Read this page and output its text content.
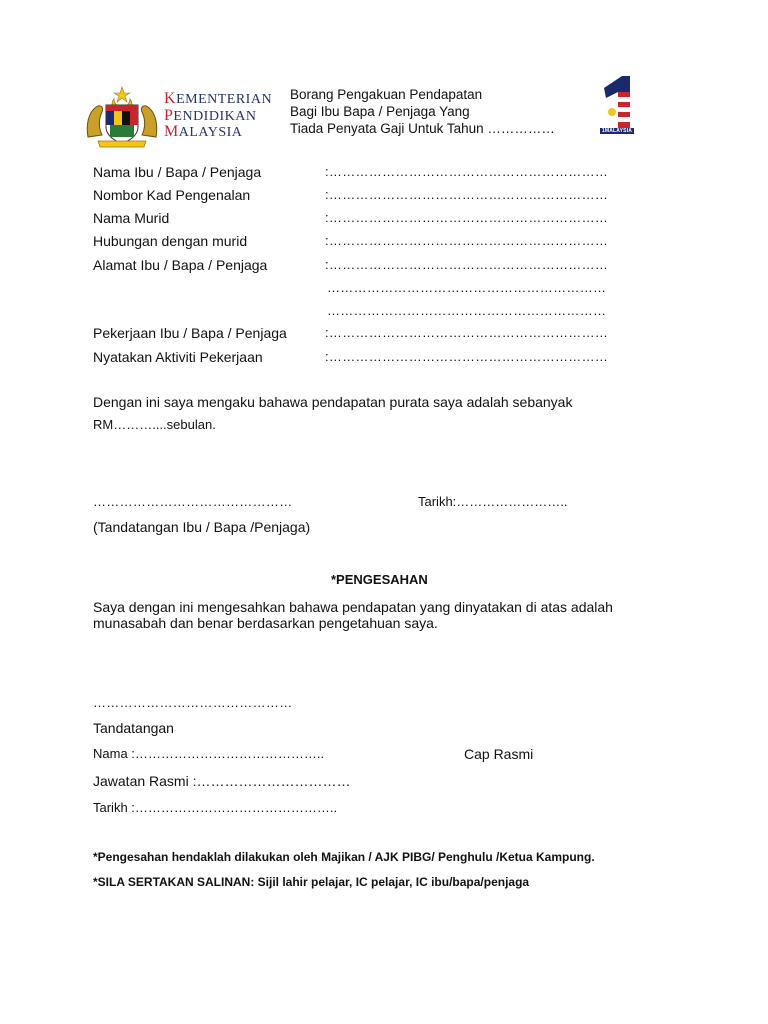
KEMENTERIAN
PENDIDIKAN
MALAYSIA
Borang Pengakuan Pendapatan
Bagi Ibu Bapa / Penjaga Yang
Tiada Penyata Gaji Untuk Tahun ……………	1MALAYSIA
Nama Ibu / Bapa / Penjaga	:………………………………………………………
Nombor Kad Pengenalan	:………………………………………………………
Nama Murid	:………………………………………………………
Hubungan dengan murid	:………………………………………………………
Alamat Ibu / Bapa / Penjaga	:………………………………………………………
………………………………………………………
………………………………………………………
Pekerjaan Ibu / Bapa / Penjaga	:………………………………………………………
Nyatakan Aktiviti Pekerjaan	:………………………………………………………
Dengan ini saya mengaku bahawa pendapatan purata saya adalah sebanyak
RM………....sebulan.
………………………………………	Tarikh:……………………..
(Tandatangan Ibu / Bapa /Penjaga)
*PENGESAHAN
Saya dengan ini mengesahkan bahawa pendapatan yang dinyatakan di atas adalah
munasabah dan benar berdasarkan pengetahuan saya.
………………………………………
Tandatangan
Nama :……………………………………..	Cap Rasmi
Jawatan Rasmi :……………………………
Tarikh :………………………………………..
*Pengesahan hendaklah dilakukan oleh Majikan / AJK PIBG/ Penghulu /Ketua Kampung.
*SILA SERTAKAN SALINAN: Sijil lahir pelajar, IC pelajar, IC ibu/bapa/penjaga
